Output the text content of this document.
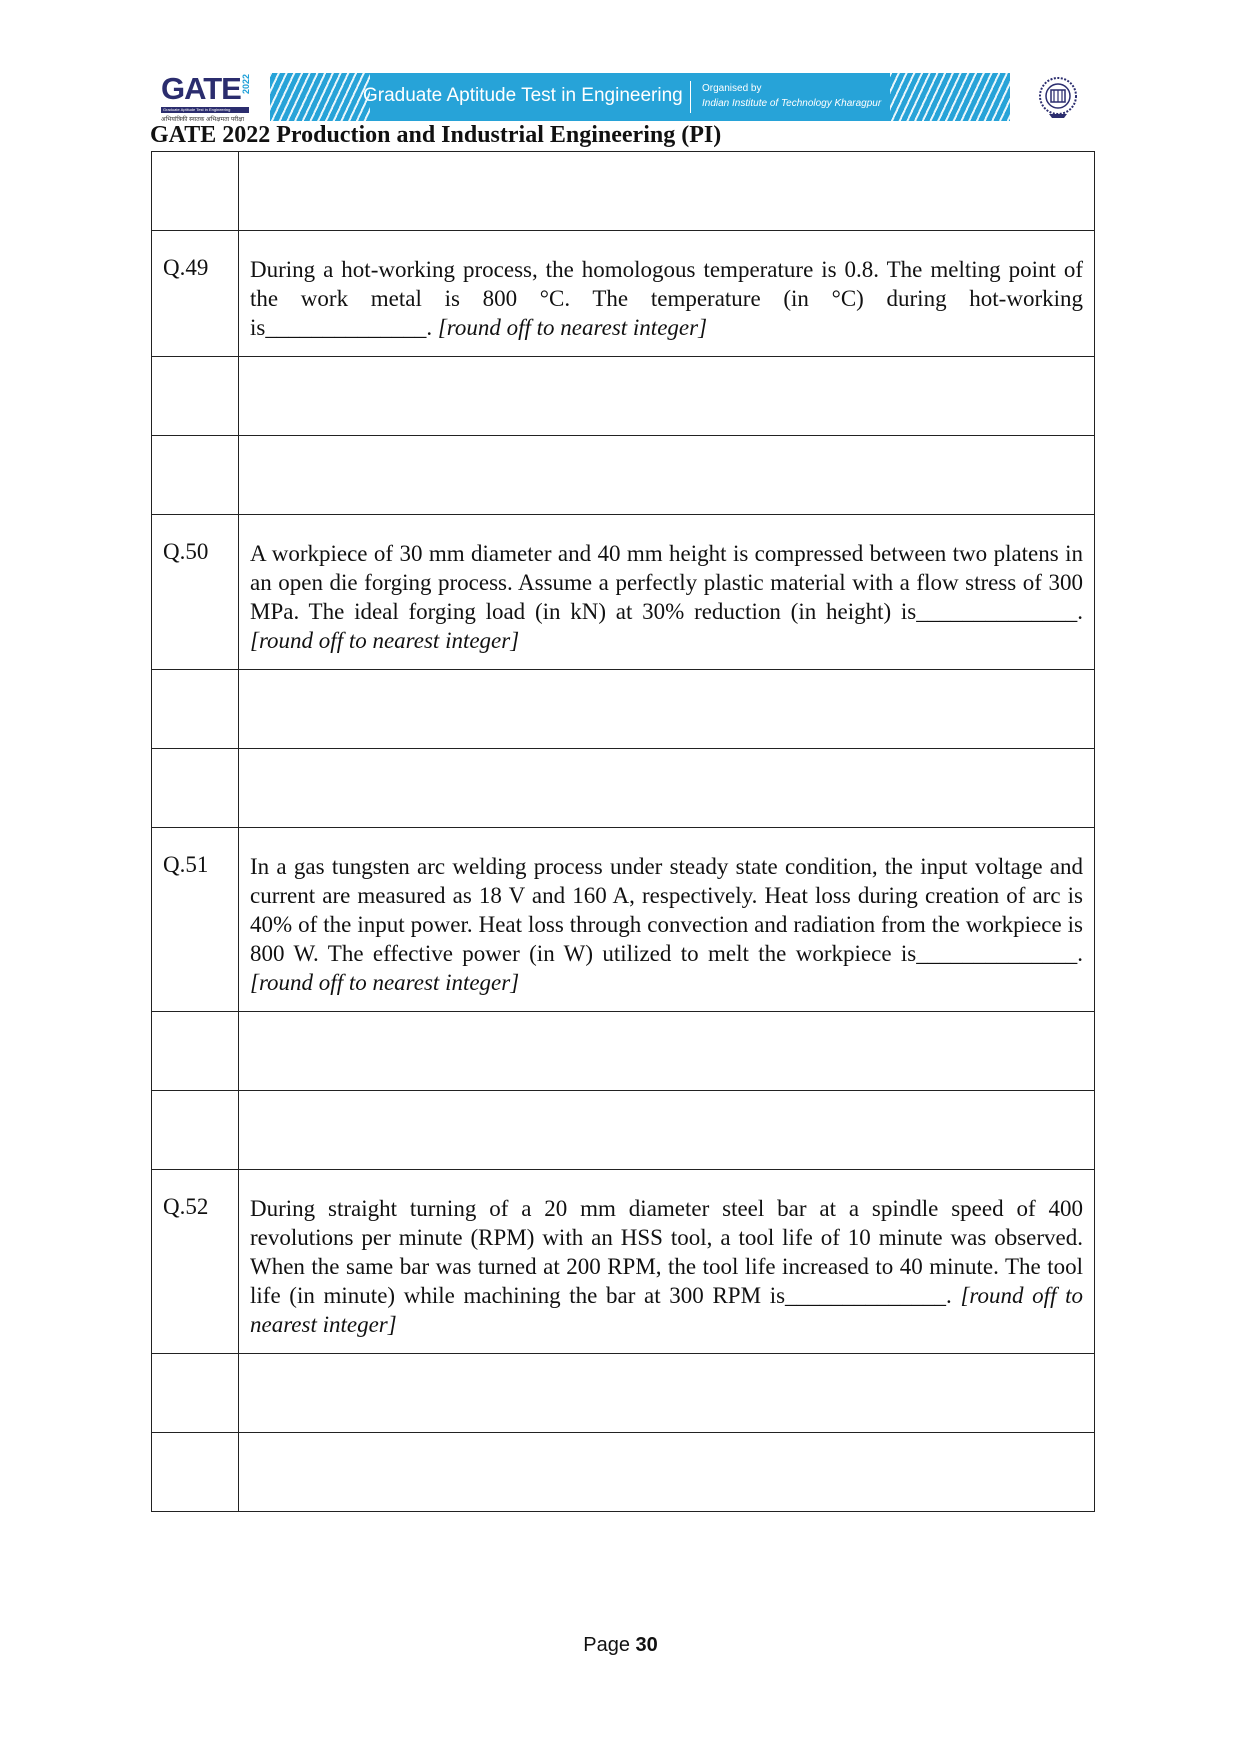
GATE 2022
Graduate Aptitude Test in Engineering
अभियांत्रिकी स्नातक अभिक्षमता परीक्षा
Graduate Aptitude Test in Engineering Organised by
Indian Institute of Technology Kharagpur
GATE 2022 Production and Industrial Engineering (PI)

Q.49	During a hot-working process, the homologous temperature is 0.8. The melting point of the work metal is 800 °C. The temperature (in °C) during hot-working is______________. [round off to nearest integer]

Q.50	A workpiece of 30 mm diameter and 40 mm height is compressed between two platens in an open die forging process. Assume a perfectly plastic material with a flow stress of 300 MPa. The ideal forging load (in kN) at 30% reduction (in height) is______________. [round off to nearest integer]

Q.51	In a gas tungsten arc welding process under steady state condition, the input voltage and current are measured as 18 V and 160 A, respectively. Heat loss during creation of arc is 40% of the input power. Heat loss through convection and radiation from the workpiece is 800 W. The effective power (in W) utilized to melt the workpiece is______________. [round off to nearest integer]

Q.52	During straight turning of a 20 mm diameter steel bar at a spindle speed of 400 revolutions per minute (RPM) with an HSS tool, a tool life of 10 minute was observed. When the same bar was turned at 200 RPM, the tool life increased to 40 minute. The tool life (in minute) while machining the bar at 300 RPM is______________. [round off to nearest integer]

Page 30
